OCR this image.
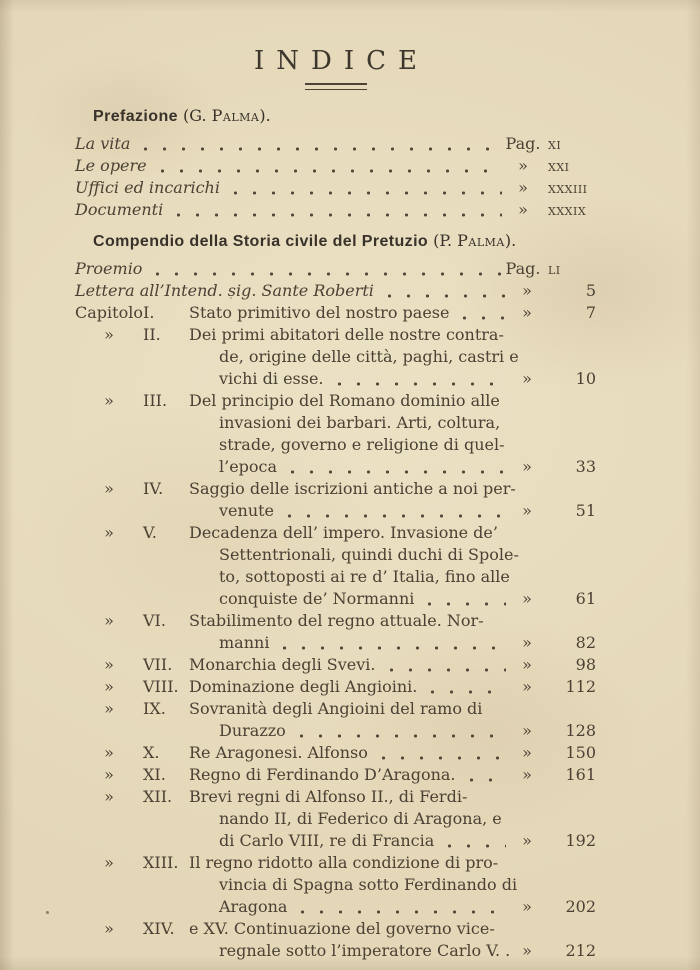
INDICE
Prefazione (G. Palma).
La vita	Pag. xi
Le opere	»	xxi
Uffici ed incarichi	»	xxxiii
Documenti	»	xxxix
Compendio della Storia civile del Pretuzio (P. Palma).
Proemio	Pag. li
Lettera all’Intend. sig. Sante Roberti	»	5
Capitolo I.	Stato primitivo del nostro paese	»	7
»	II.	Dei primi abitatori delle nostre contra-
de, origine delle città, paghi, castri e
vichi di esse.	»	10
»	III.	Del principio del Romano dominio alle
invasioni dei barbari. Arti, coltura,
strade, governo e religione di quel-
l’epoca	»	33
»	IV.	Saggio delle iscrizioni antiche a noi per-
venute	»	51
»	V.	Decadenza dell’ impero. Invasione de’
Settentrionali, quindi duchi di Spole-
to, sottoposti ai re d’ Italia, fino alle
conquiste de’ Normanni	»	61
»	VI.	Stabilimento del regno attuale. Nor-
manni	»	82
»	VII.	Monarchia degli Svevi.	»	98
»	VIII. Dominazione degli Angioini.	»	112
»	IX.	Sovranità degli Angioini del ramo di
Durazzo	»	128
»	X.	Re Aragonesi. Alfonso	»	150
»	XI.	Regno di Ferdinando D’Aragona.	»	161
»	XII.	Brevi regni di Alfonso II., di Ferdi-
nando II, di Federico di Aragona, e
di Carlo VIII, re di Francia	»	192
»	XIII. Il regno ridotto alla condizione di pro-
vincia di Spagna sotto Ferdinando di
Aragona	»	202
»	XIV. e XV. Continuazione del governo vice-
regnale sotto l’imperatore Carlo V. . »	212
